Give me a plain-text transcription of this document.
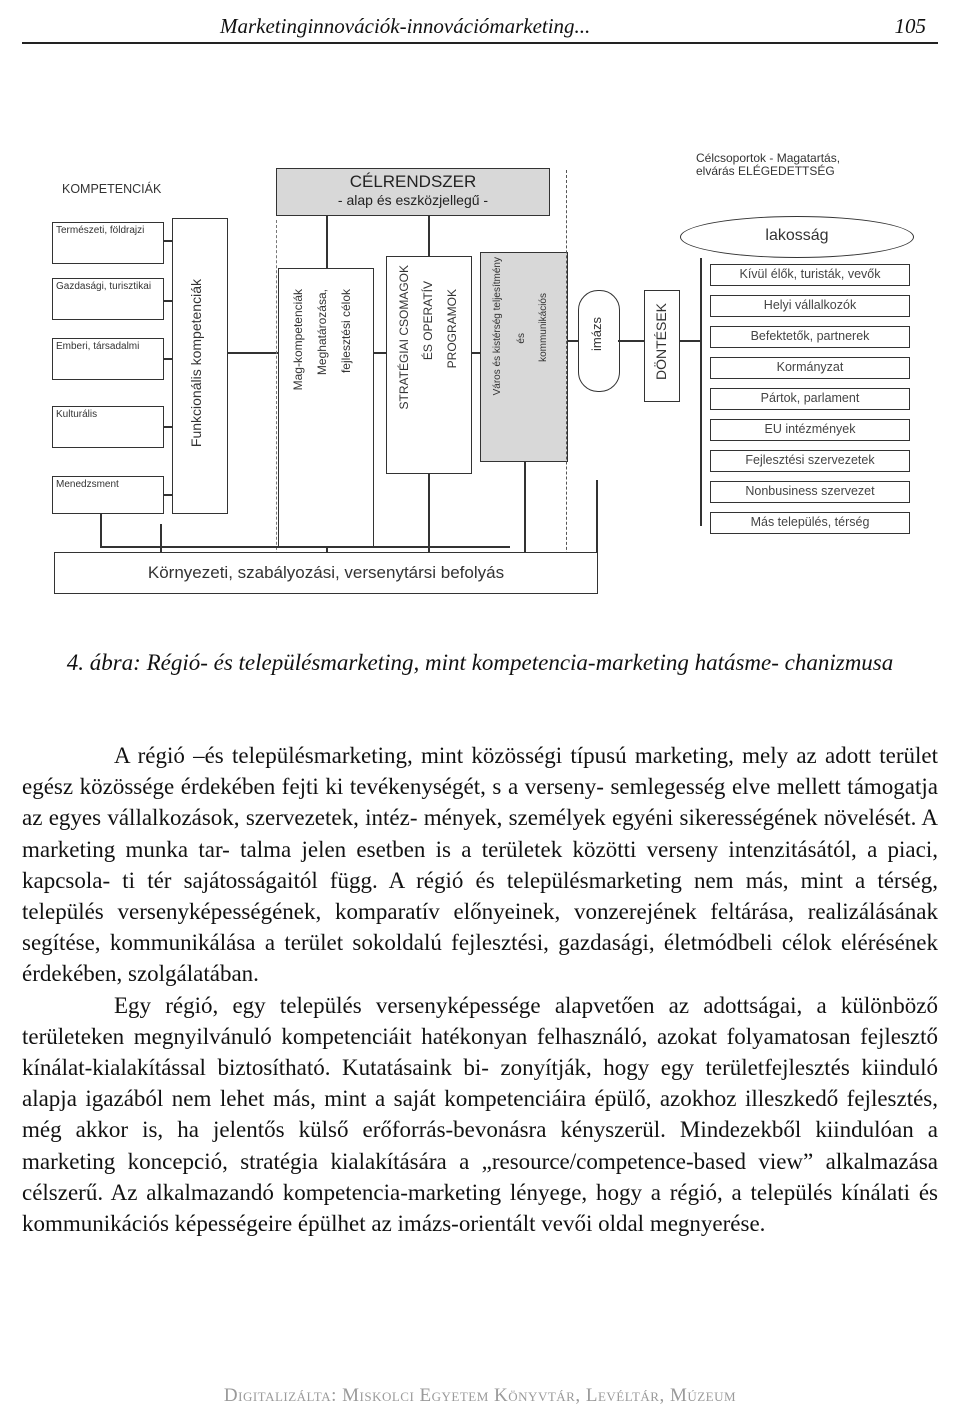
Marketinginnovációk-innovációmarketing...	105
KOMPETENCIÁK
Természeti, földrajzi
Gazdasági, turisztikai
Emberi, társadalmi
Kulturális
Menedzsment
Funkcionális kompetenciák
CÉLRENDSZER
- alap és eszközjellegű -
Mag-kompetenciák Meghatározása, fejlesztési célok	STRATÉGIAI CSOMAGOK ÉS OPERATÍV PROGRAMOK	Város és kistérség teljesítmény és kommunikációs	imázs	DÖNTÉSEK
Célcsoportok - Magatartás, elvárás ELÉGEDETTSÉG
lakosság
Kívül élők, turisták, vevők
Helyi vállalkozók
Befektetők, partnerek
Kormányzat
Pártok, parlament
EU intézmények
Fejlesztési szervezetek
Nonbusiness szervezet
Más település, térség
Környezeti, szabályozási, versenytársi befolyás
4. ábra: Régió- és településmarketing, mint kompetencia-marketing hatásme- chanizmusa

A régió –és településmarketing, mint közösségi típusú marketing, mely az adott terület egész közössége érdekében fejti ki tevékenységét, s a verseny- semlegesség elve mellett támogatja az egyes vállalkozások, szervezetek, intéz- mények, személyek egyéni sikerességének növelését. A marketing munka tar- talma jelen esetben is a területek közötti verseny intenzitásától, a piaci, kapcsola- ti tér sajátosságaitól függ. A régió és településmarketing nem más, mint a térség, település versenyképességének, komparatív előnyeinek, vonzerejének feltárása, realizálásának segítése, kommunikálása a terület sokoldalú fejlesztési, gazdasági, életmódbeli célok elérésének érdekében, szolgálatában.

Egy régió, egy település versenyképessége alapvetően az adottságai, a különböző területeken megnyilvánuló kompetenciáit hatékonyan felhasználó, azokat folyamatosan fejlesztő kínálat-kialakítással biztosítható. Kutatásaink bi- zonyítják, hogy egy területfejlesztés kiinduló alapja igazából nem lehet más, mint a saját kompetenciáira épülő, azokhoz illeszkedő fejlesztés, még akkor is, ha jelentős külső erőforrás-bevonásra kényszerül. Mindezekből kiindulóan a marketing koncepció, stratégia kialakítására a „resource/competence-based view” alkalmazása célszerű. Az alkalmazandó kompetencia-marketing lényege, hogy a régió, a település kínálati és kommunikációs képességeire épülhet az imázs-orientált vevői oldal megnyerése.

Digitalizálta: Miskolci Egyetem Könyvtár, Levéltár, Múzeum
